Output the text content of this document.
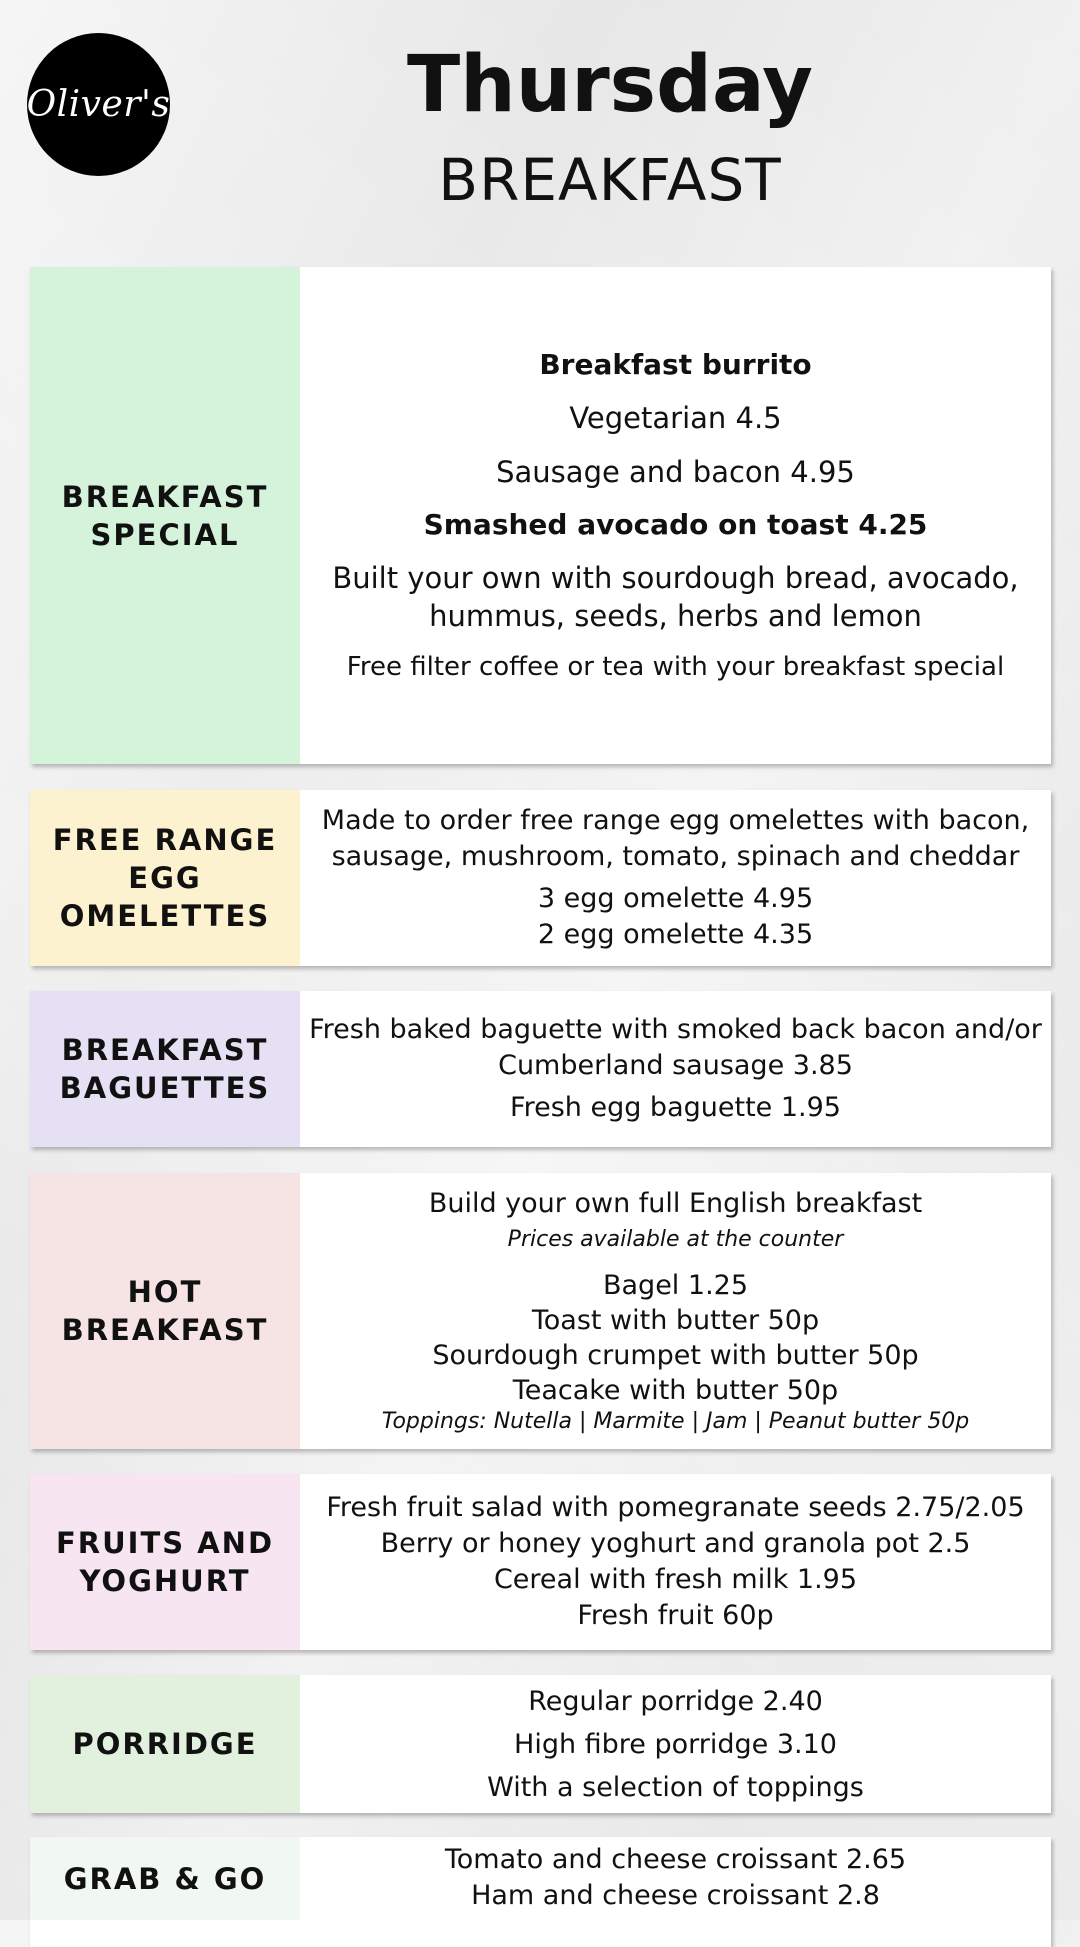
Oliver's	Thursday
BREAKFAST
BREAKFAST SPECIAL
Breakfast burrito
Vegetarian 4.5
Sausage and bacon 4.95
Smashed avocado on toast 4.25
Built your own with sourdough bread, avocado, hummus, seeds, herbs and lemon
Free filter coffee or tea with your breakfast special
FREE RANGE EGG OMELETTES
Made to order free range egg omelettes with bacon, sausage, mushroom, tomato, spinach and cheddar
3 egg omelette 4.95
2 egg omelette 4.35
BREAKFAST BAGUETTES
Fresh baked baguette with smoked back bacon and/or Cumberland sausage 3.85
Fresh egg baguette 1.95
HOT BREAKFAST
Build your own full English breakfast
Prices available at the counter
Bagel 1.25
Toast with butter 50p
Sourdough crumpet with butter 50p
Teacake with butter 50p
Toppings: Nutella | Marmite | Jam | Peanut butter 50p
FRUITS AND YOGHURT
Fresh fruit salad with pomegranate seeds 2.75/2.05
Berry or honey yoghurt and granola pot 2.5
Cereal with fresh milk 1.95
Fresh fruit 60p
PORRIDGE
Regular porridge 2.40
High fibre porridge 3.10
With a selection of toppings
GRAB & GO
Tomato and cheese croissant 2.65
Ham and cheese croissant 2.8
